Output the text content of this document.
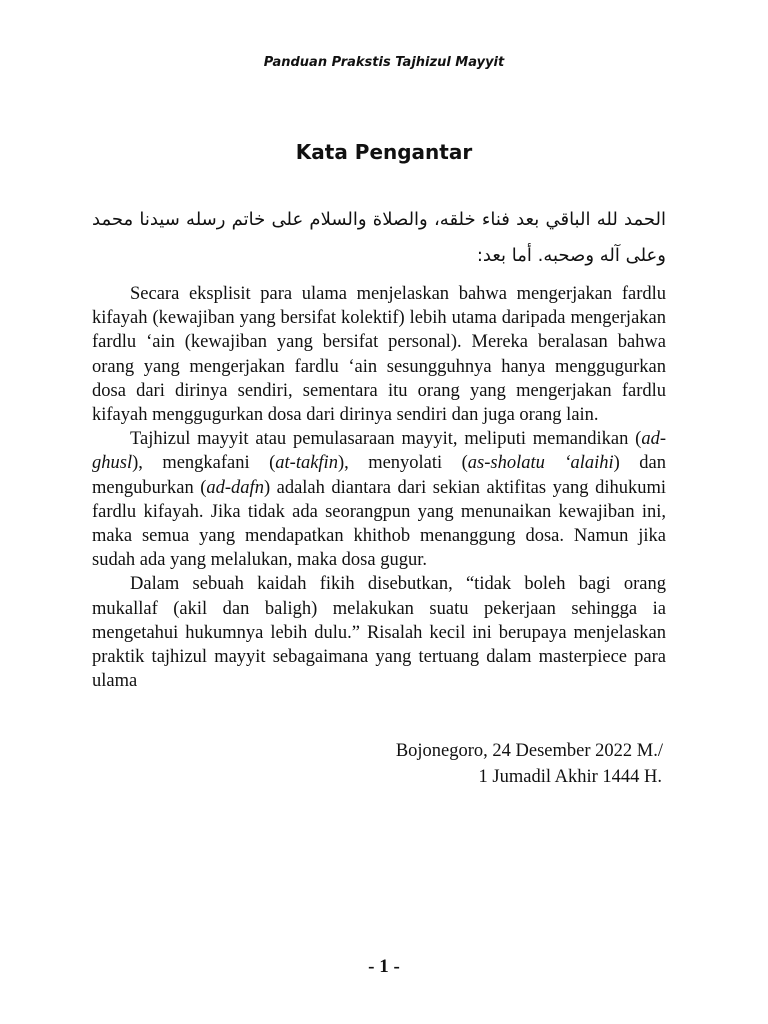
Panduan Prakstis Tajhizul Mayyit
Kata Pengantar
الحمد لله الباقي بعد فناء خلقه، والصلاة والسلام على خاتم رسله سيدنا محمد وعلى آله وصحبه. أما بعد:

Secara eksplisit para ulama menjelaskan bahwa mengerjakan fardlu kifayah (kewajiban yang bersifat kolektif) lebih utama daripada mengerjakan fardlu ‘ain (kewajiban yang bersifat personal). Mereka beralasan bahwa orang yang mengerjakan fardlu ‘ain sesungguhnya hanya menggugurkan dosa dari dirinya sendiri, sementara itu orang yang mengerjakan fardlu kifayah menggugurkan dosa dari dirinya sendiri dan juga orang lain.

Tajhizul mayyit atau pemulasaraan mayyit, meliputi memandikan (ad-ghusl), mengkafani (at-takfin), menyolati (as-sholatu ‘alaihi) dan menguburkan (ad-dafn) adalah diantara dari sekian aktifitas yang dihukumi fardlu kifayah. Jika tidak ada seorangpun yang menunaikan kewajiban ini, maka semua yang mendapatkan khithob menanggung dosa. Namun jika sudah ada yang melalukan, maka dosa gugur.

Dalam sebuah kaidah fikih disebutkan, “tidak boleh bagi orang mukallaf (akil dan baligh) melakukan suatu pekerjaan sehingga ia mengetahui hukumnya lebih dulu.” Risalah kecil ini berupaya menjelaskan praktik tajhizul mayyit sebagaimana yang tertuang dalam masterpiece para ulama

Bojonegoro, 24 Desember 2022 M./
1 Jumadil Akhir 1444 H.
- 1 -
